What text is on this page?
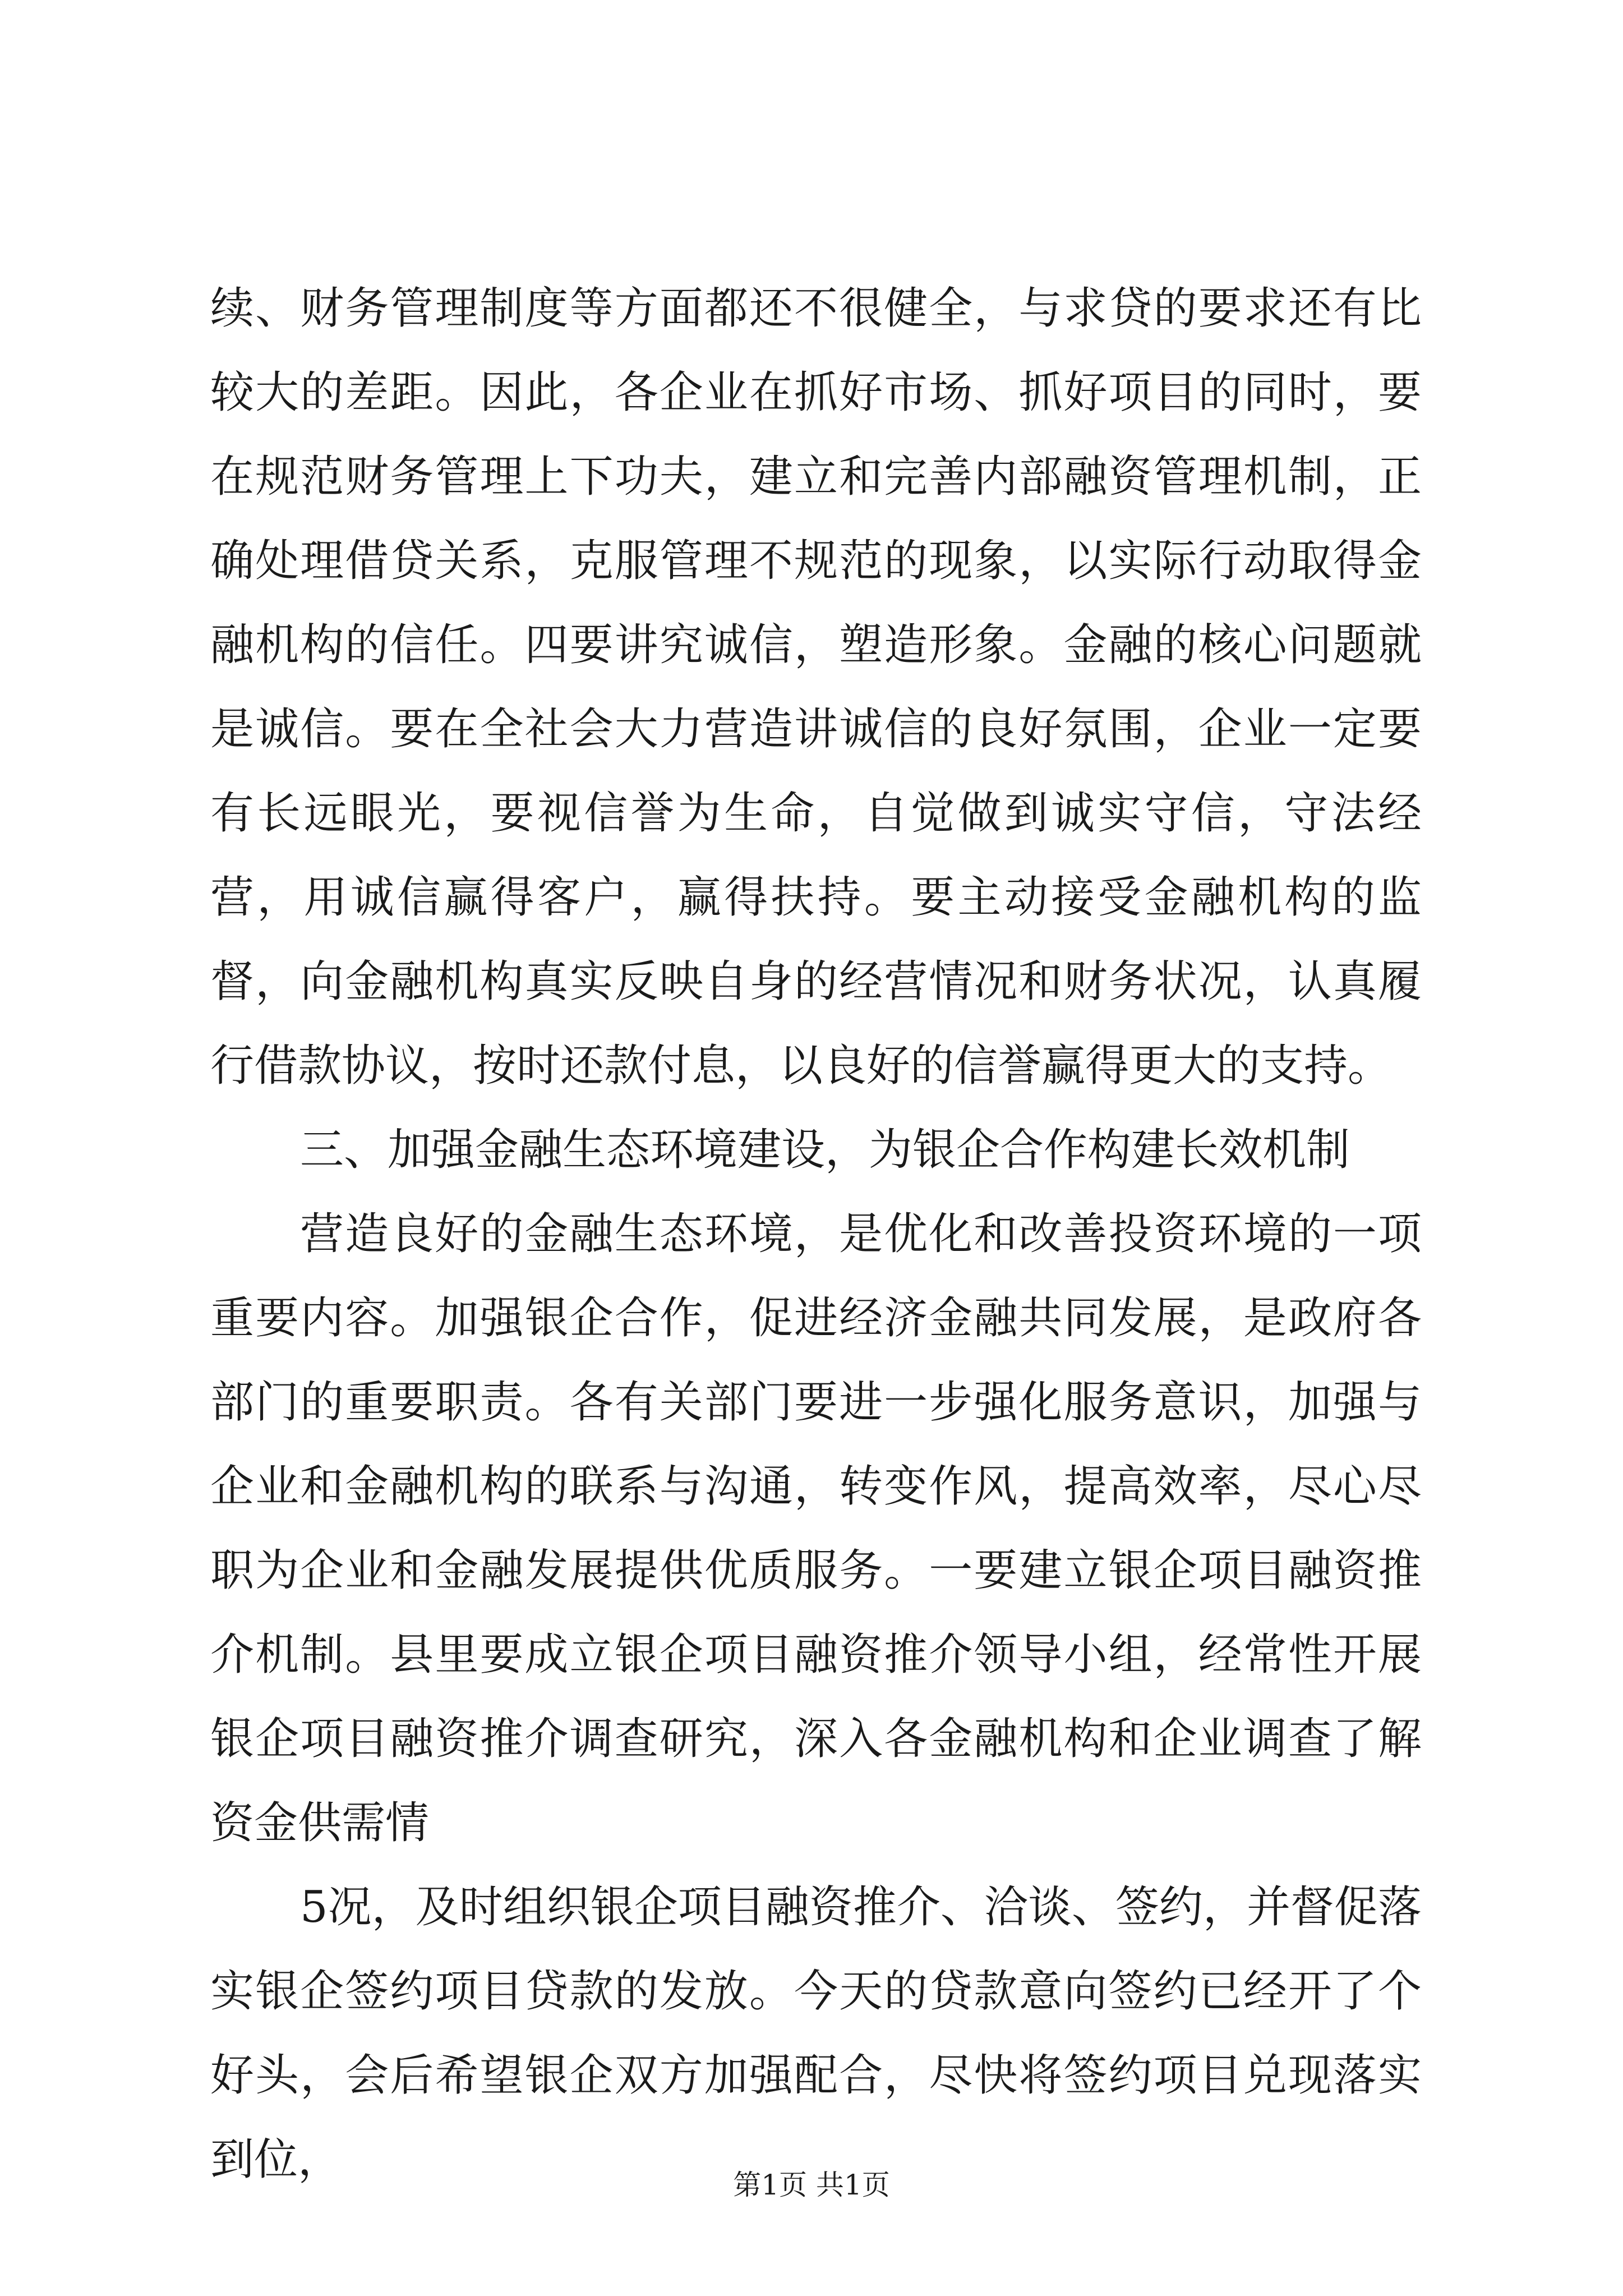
续、财务管理制度等方面都还不很健全，与求贷的要求还有比较大的差距。因此，各企业在抓好市场、抓好项目的同时，要在规范财务管理上下功夫，建立和完善内部融资管理机制，正确处理借贷关系，克服管理不规范的现象，以实际行动取得金融机构的信任。四要讲究诚信，塑造形象。金融的核心问题就是诚信。要在全社会大力营造讲诚信的良好氛围，企业一定要有长远眼光，要视信誉为生命，自觉做到诚实守信，守法经营，用诚信赢得客户，赢得扶持。要主动接受金融机构的监督，向金融机构真实反映自身的经营情况和财务状况，认真履行借款协议，按时还款付息，以良好的信誉赢得更大的支持。

三、加强金融生态环境建设，为银企合作构建长效机制

营造良好的金融生态环境，是优化和改善投资环境的一项重要内容。加强银企合作，促进经济金融共同发展，是政府各部门的重要职责。各有关部门要进一步强化服务意识，加强与企业和金融机构的联系与沟通，转变作风，提高效率，尽心尽职为企业和金融发展提供优质服务。一要建立银企项目融资推介机制。县里要成立银企项目融资推介领导小组，经常性开展银企项目融资推介调查研究，深入各金融机构和企业调查了解资金供需情

5况，及时组织银企项目融资推介、洽谈、签约，并督促落实银企签约项目贷款的发放。今天的贷款意向签约已经开了个好头，会后希望银企双方加强配合，尽快将签约项目兑现落实到位，	第1页 共1页
